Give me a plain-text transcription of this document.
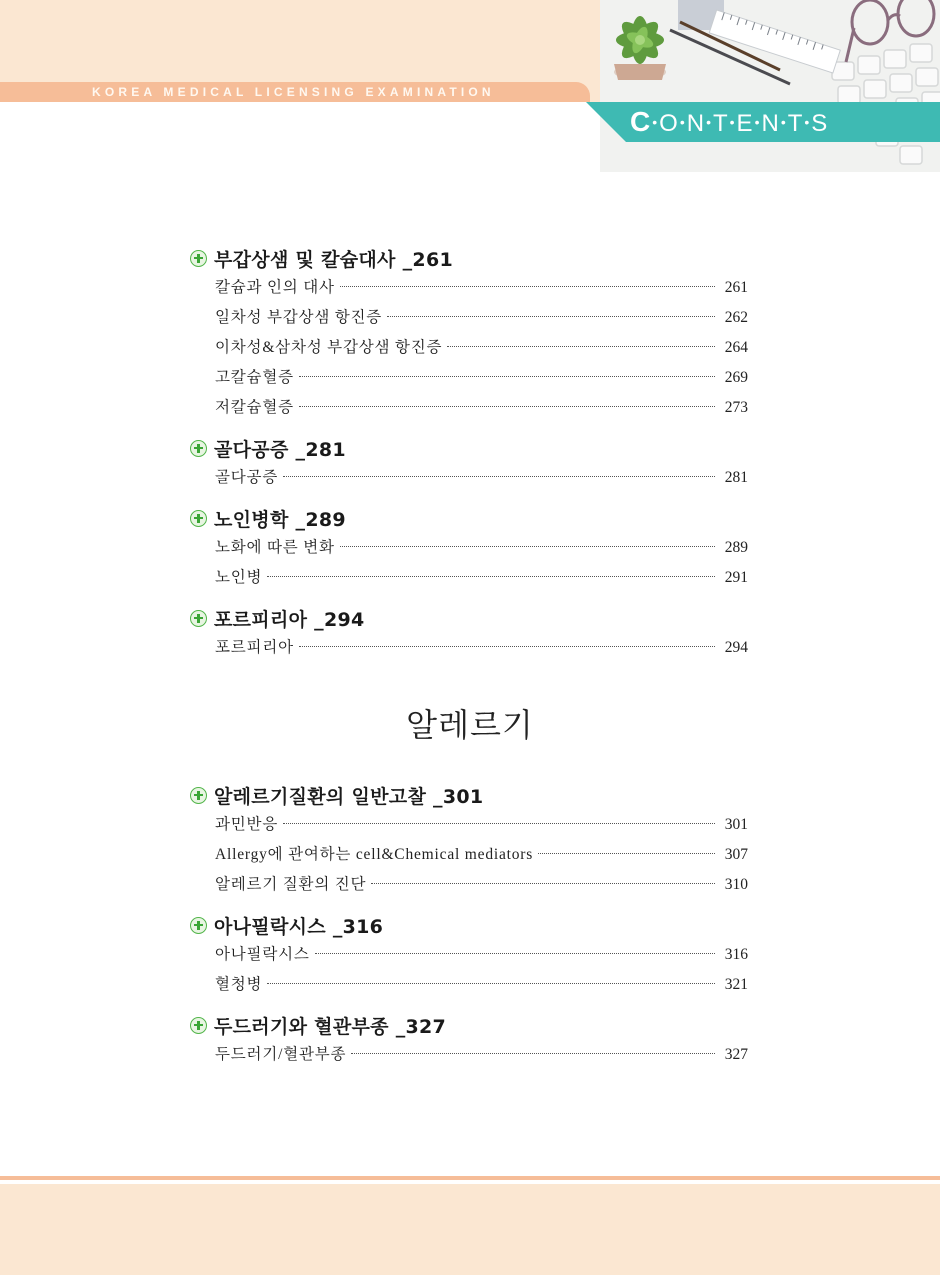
KOREA MEDICAL LICENSING EXAMINATION
C •O •N •T •E •N •T •S
부갑상샘 및 칼슘대사 _261
칼슘과 인의 대사	261
일차성 부갑상샘 항진증	262
이차성&삼차성 부갑상샘 항진증	264
고칼슘혈증	269
저칼슘혈증	273
골다공증 _281
골다공증	281
노인병학 _289
노화에 따른 변화	289
노인병	291
포르피리아 _294
포르피리아	294
알레르기
알레르기질환의 일반고찰 _301
과민반응	301
Allergy에 관여하는 cell&Chemical mediators	307
알레르기 질환의 진단	310
아나필락시스 _316
아나필락시스	316
혈청병	321
두드러기와 혈관부종 _327
두드러기/혈관부종	327
